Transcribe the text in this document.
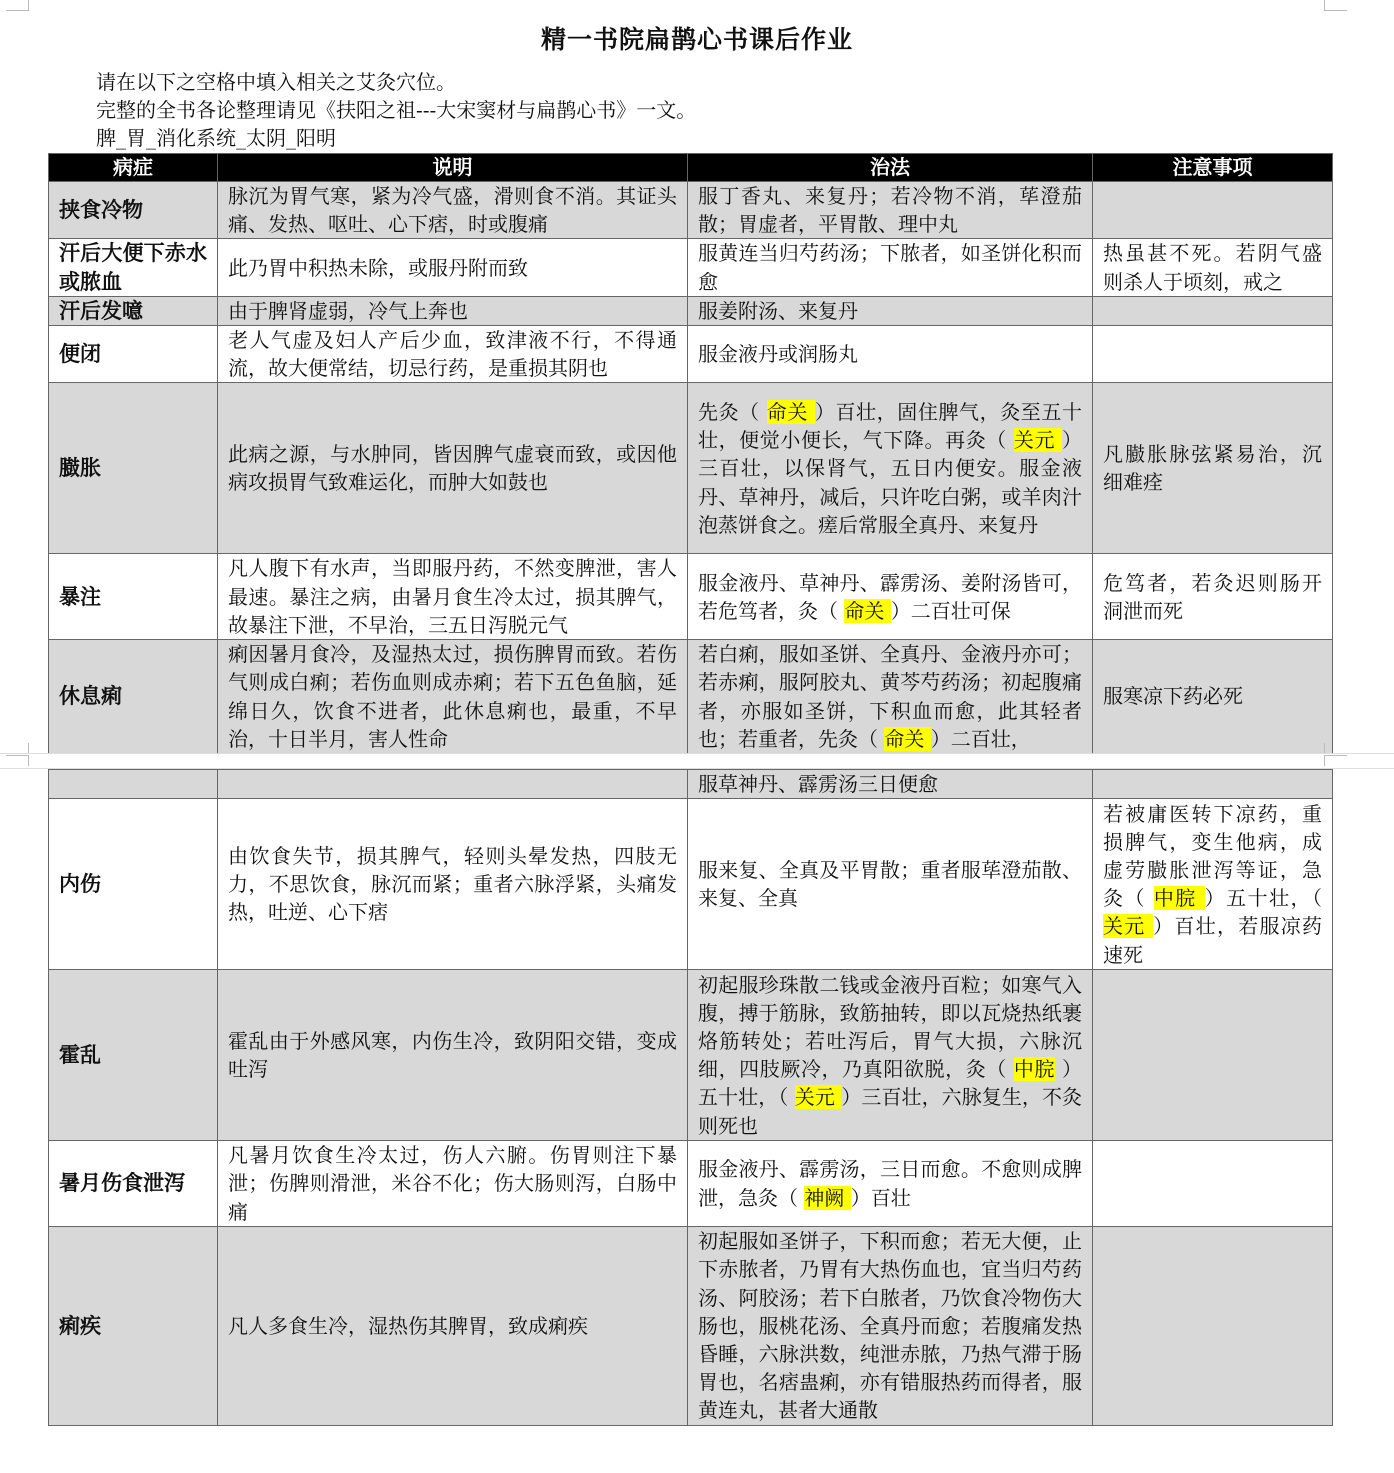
精一书院扁鹊心书课后作业
请在以下之空格中填入相关之艾灸穴位。
完整的全书各论整理请见《扶阳之祖---大宋窦材与扁鹊心书》一文。
脾_胃_消化系统_太阴_阳明
病症	说明	治法	注意事项
挟食冷物	脉沉为胃气寒，紧为冷气盛，滑则食不消。其证头痛、发热、呕吐、心下痞，时或腹痛	服丁香丸、来复丹；若冷物不消，荜澄茄散；胃虚者，平胃散、理中丸	
汗后大便下赤水或脓血	此乃胃中积热未除，或服丹附而致	服黄连当归芍药汤；下脓者，如圣饼化积而愈	热虽甚不死。若阴气盛则杀人于顷刻，戒之
汗后发噫	由于脾肾虚弱，冷气上奔也	服姜附汤、来复丹	
便闭	老人气虚及妇人产后少血，致津液不行，不得通流，故大便常结，切忌行药，是重损其阴也	服金液丹或润肠丸	
臌胀	此病之源，与水肿同，皆因脾气虚衰而致，或因他病攻损胃气致难运化，而肿大如鼓也	先灸（ 命关 ）百壮，固住脾气，灸至五十壮，便觉小便长，气下降。再灸（ 关元 ）三百壮，以保肾气，五日内便安。服金液丹、草神丹，减后，只许吃白粥，或羊肉汁泡蒸饼食之。瘥后常服全真丹、来复丹	凡臌胀脉弦紧易治，沉细难痊
暴注	凡人腹下有水声，当即服丹药，不然变脾泄，害人最速。暴注之病，由暑月食生冷太过，损其脾气，故暴注下泄，不早治，三五日泻脱元气	服金液丹、草神丹、霹雳汤、姜附汤皆可，若危笃者，灸（ 命关 ）二百壮可保	危笃者，若灸迟则肠开洞泄而死
休息痢	痢因暑月食冷，及湿热太过，损伤脾胃而致。若伤气则成白痢；若伤血则成赤痢；若下五色鱼脑，延绵日久，饮食不进者，此休息痢也，最重，不早治，十日半月，害人性命	若白痢，服如圣饼、全真丹、金液丹亦可；若赤痢，服阿胶丸、黄芩芍药汤；初起腹痛者，亦服如圣饼，下积血而愈，此其轻者也；若重者，先灸（ 命关 ）二百壮，	服寒凉下药必死
		服草神丹、霹雳汤三日便愈	
内伤	由饮食失节，损其脾气，轻则头晕发热，四肢无力，不思饮食，脉沉而紧；重者六脉浮紧，头痛发热，吐逆、心下痞	服来复、全真及平胃散；重者服荜澄茄散、来复、全真	若被庸医转下凉药，重损脾气，变生他病，成虚劳臌胀泄泻等证，急灸（ 中脘 ）五十壮，（ 关元 ）百壮，若服凉药速死
霍乱	霍乱由于外感风寒，内伤生冷，致阴阳交错，变成吐泻	初起服珍珠散二钱或金液丹百粒；如寒气入腹，搏于筋脉，致筋抽转，即以瓦烧热纸裹烙筋转处；若吐泻后，胃气大损，六脉沉细，四肢厥冷，乃真阳欲脱，灸（ 中脘 ）五十壮，（ 关元 ）三百壮，六脉复生，不灸则死也	
暑月伤食泄泻	凡暑月饮食生冷太过，伤人六腑。伤胃则注下暴泄；伤脾则滑泄，米谷不化；伤大肠则泻，白肠中痛	服金液丹、霹雳汤，三日而愈。不愈则成脾泄，急灸（ 神阙 ）百壮	
痢疾	凡人多食生冷，湿热伤其脾胃，致成痢疾	初起服如圣饼子，下积而愈；若无大便，止下赤脓者，乃胃有大热伤血也，宜当归芍药汤、阿胶汤；若下白脓者，乃饮食冷物伤大肠也，服桃花汤、全真丹而愈；若腹痛发热昏睡，六脉洪数，纯泄赤脓，乃热气滞于肠胃也，名痞蛊痢，亦有错服热药而得者，服黄连丸，甚者大通散	
